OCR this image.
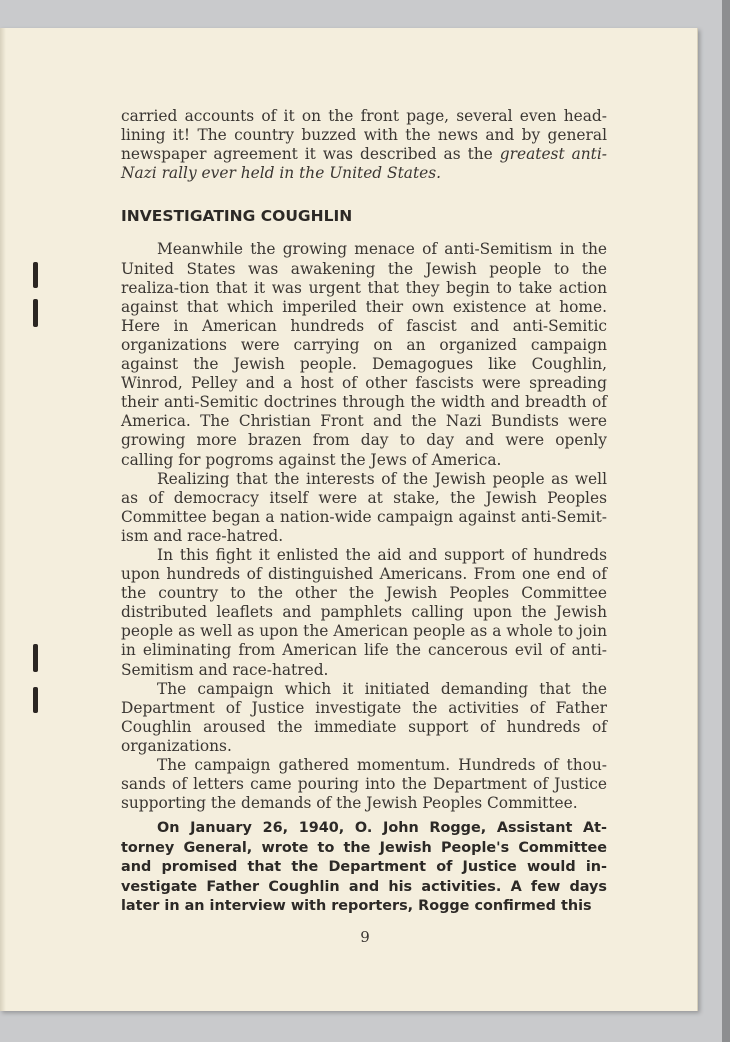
carried accounts of it on the front page, several even head-lining it! The country buzzed with the news and by general newspaper agreement it was described as the greatest anti-Nazi rally ever held in the United States.

INVESTIGATING COUGHLIN

Meanwhile the growing menace of anti-Semitism in the United States was awakening the Jewish people to the realiza-tion that it was urgent that they begin to take action against that which imperiled their own existence at home. Here in American hundreds of fascist and anti-Semitic organizations were carrying on an organized campaign against the Jewish people. Demagogues like Coughlin, Winrod, Pelley and a host of other fascists were spreading their anti-Semitic doctrines through the width and breadth of America. The Christian Front and the Nazi Bundists were growing more brazen from day to day and were openly calling for pogroms against the Jews of America.

Realizing that the interests of the Jewish people as well as of democracy itself were at stake, the Jewish Peoples Committee began a nation-wide campaign against anti-Semit-ism and race-hatred.

In this fight it enlisted the aid and support of hundreds upon hundreds of distinguished Americans. From one end of the country to the other the Jewish Peoples Committee distributed leaflets and pamphlets calling upon the Jewish people as well as upon the American people as a whole to join in eliminating from American life the cancerous evil of anti-Semitism and race-hatred.

The campaign which it initiated demanding that the Department of Justice investigate the activities of Father Coughlin aroused the immediate support of hundreds of organizations.

The campaign gathered momentum. Hundreds of thou-sands of letters came pouring into the Department of Justice supporting the demands of the Jewish Peoples Committee.

On January 26, 1940, O. John Rogge, Assistant At-torney General, wrote to the Jewish People's Committee and promised that the Department of Justice would in-vestigate Father Coughlin and his activities. A few days later in an interview with reporters, Rogge confirmed this

9
